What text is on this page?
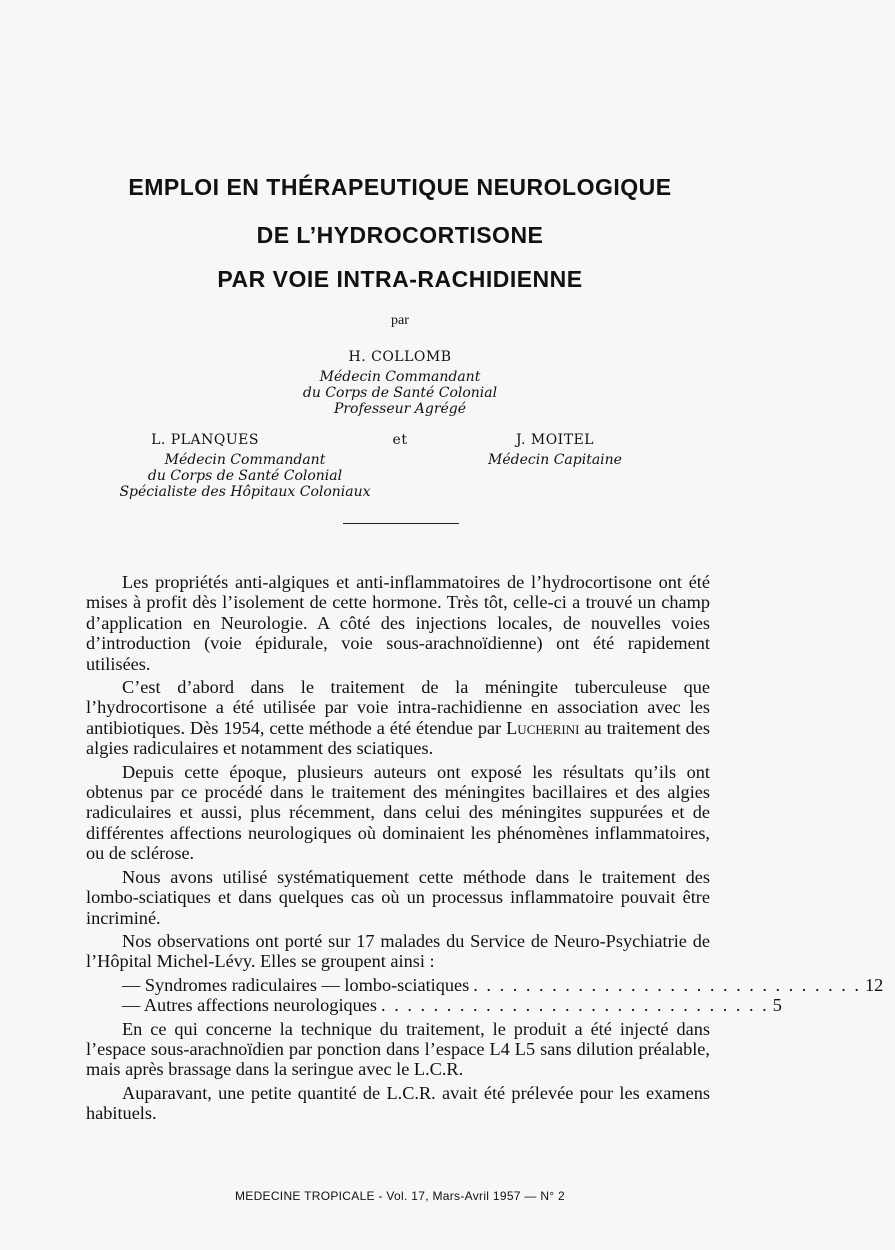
EMPLOI EN THÉRAPEUTIQUE NEUROLOGIQUE
DE L’HYDROCORTISONE
PAR VOIE INTRA-RACHIDIENNE
par
H. COLLOMB
Médecin Commandant
du Corps de Santé Colonial
Professeur Agrégé
L. PLANQUES
Médecin Commandant
du Corps de Santé Colonial
Spécialiste des Hôpitaux Coloniaux
et	J. MOITEL
Médecin Capitaine

Les propriétés anti-algiques et anti-inflammatoires de l’hydrocortisone ont été mises à profit dès l’isolement de cette hormone. Très tôt, celle-ci a trouvé un champ d’application en Neurologie. A côté des injections locales, de nouvelles voies d’introduction (voie épidurale, voie sous-arachnoïdienne) ont été rapidement utilisées.

C’est d’abord dans le traitement de la méningite tuberculeuse que l’hydrocortisone a été utilisée par voie intra-rachidienne en association avec les antibiotiques. Dès 1954, cette méthode a été étendue par Lucherini au traitement des algies radiculaires et notamment des sciatiques.

Depuis cette époque, plusieurs auteurs ont exposé les résultats qu’ils ont obtenus par ce procédé dans le traitement des méningites bacillaires et des algies radiculaires et aussi, plus récemment, dans celui des méningites suppurées et de différentes affections neurologiques où dominaient les phénomènes inflammatoires, ou de sclérose.

Nous avons utilisé systématiquement cette méthode dans le traitement des lombo-sciatiques et dans quelques cas où un processus inflammatoire pouvait être incriminé.

Nos observations ont porté sur 17 malades du Service de Neuro-Psychiatrie de l’Hôpital Michel-Lévy. Elles se groupent ainsi :

— Syndromes radiculaires — lombo-sciatiques . . . . . . . . . . . . . . . . . . . . . . . . . . . . . . 12
— Autres affections neurologiques . . . . . . . . . . . . . . . . . . . . . . . . . . . . . . 5

En ce qui concerne la technique du traitement, le produit a été injecté dans l’espace sous-arachnoïdien par ponction dans l’espace L4 L5 sans dilution préalable, mais après brassage dans la seringue avec le L.C.R.

Auparavant, une petite quantité de L.C.R. avait été prélevée pour les examens habituels.

MEDECINE TROPICALE - Vol. 17, Mars-Avril 1957 — N° 2
